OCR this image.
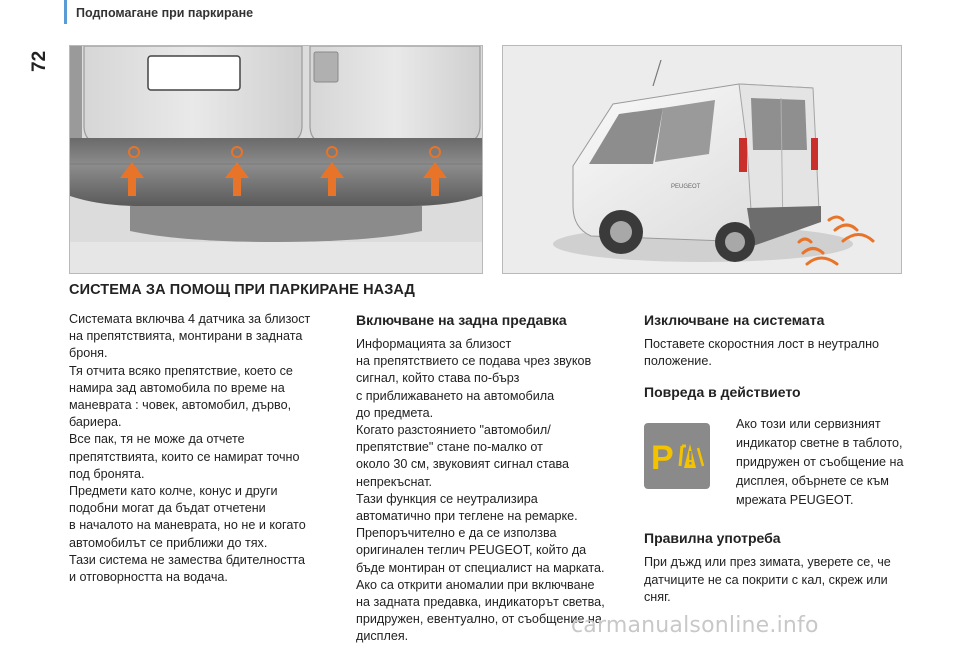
Подпомагане при паркиране
72
PEUGEOT
СИСТЕМА ЗА ПОМОЩ ПРИ ПАРКИРАНЕ НАЗАД

Системата включва 4 датчика за близост
на препятствията, монтирани в задната
броня.
Тя отчита всяко препятствие, което се
намира зад автомобила по време на
маневрата : човек, автомобил, дърво,
бариера.
Все пак, тя не може да отчете
препятствията, които се намират точно
под бронята.
Предмети като колче, конус и други
подобни могат да бъдат отчетени
в началото на маневрата, но не и когато
автомобилът се приближи до тях.
Тази система не замества бдителността
и отговорността на водача.

Включване на задна предавка

Информацията за близост
на препятствието се подава чрез звуков
сигнал, който става по-бърз
с приближаването на автомобила
до предмета.
Когато разстоянието "автомобил/
препятствие" стане по-малко от
около 30 см, звуковият сигнал става
непрекъснат.
Тази функция се неутрализира
автоматично при теглене на ремарке.
Препоръчително е да се използва
оригинален теглич PEUGEOT, който да
бъде монтиран от специалист на марката.
Ако са открити аномалии при включване
на задната предавка, индикаторът светва,
придружен, евентуално, от съобщение на
дисплея.

Изключване на системата

Поставете скоростния лост в неутрално
положение.

Повреда в действието
P
Ако този или сервизният
индикатор светне в таблото,
придружен от съобщение на
дисплея, обърнете се към
мрежата PEUGEOT.
Правилна употреба

При дъжд или през зимата, уверете се, че
датчиците не са покрити с кал, скреж или
сняг.

carmanualsonline.info
